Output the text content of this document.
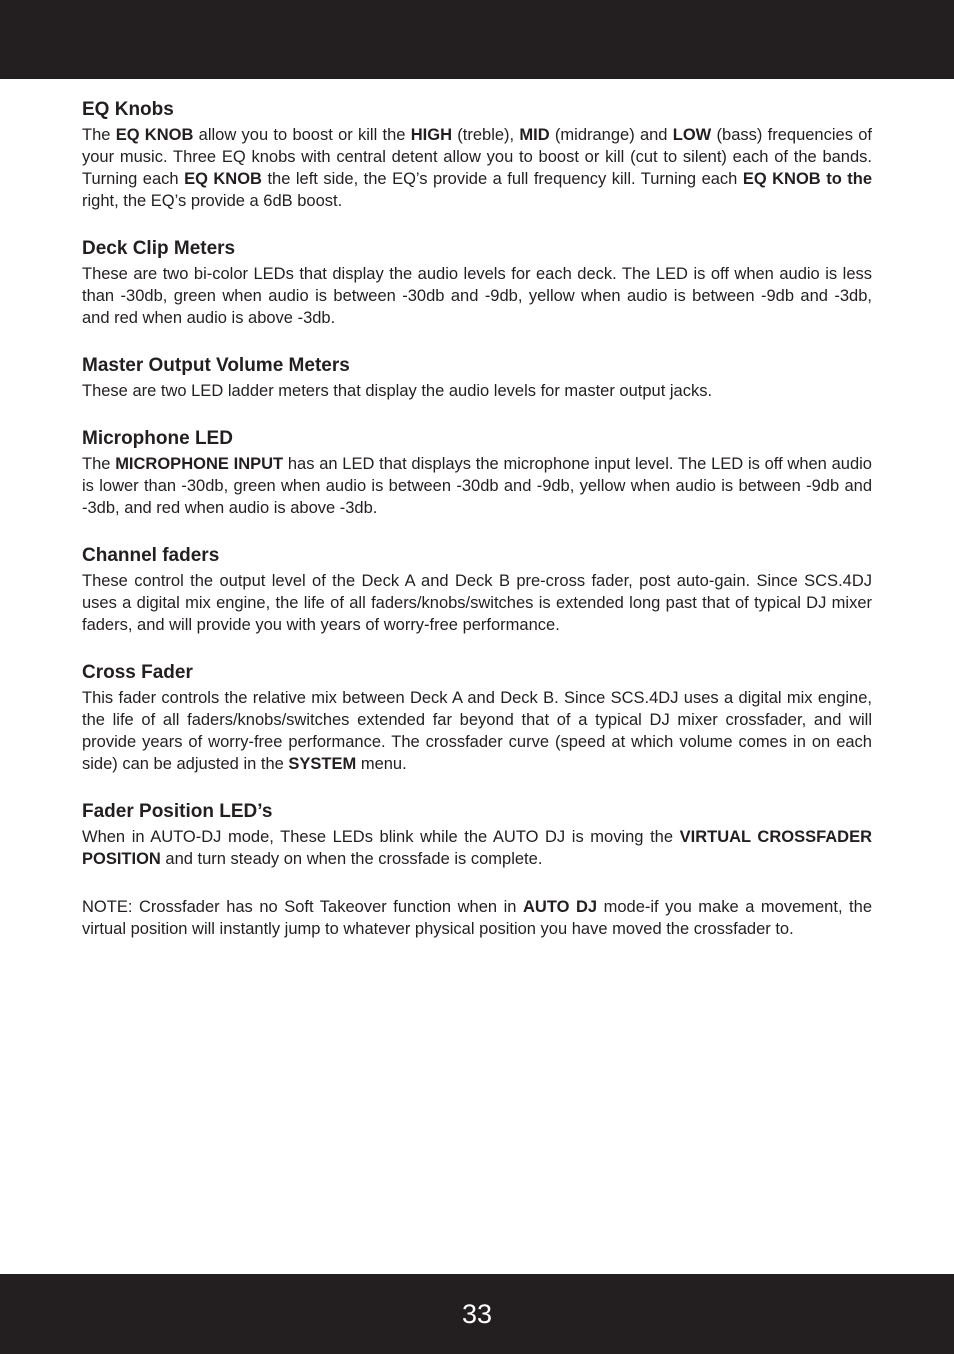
EQ Knobs

The EQ KNOB allow you to boost or kill the HIGH (treble), MID (midrange) and LOW (bass) frequencies of your music. Three EQ knobs with central detent allow you to boost or kill (cut to silent) each of the bands. Turning each EQ KNOB the left side, the EQ’s provide a full frequency kill. Turning each EQ KNOB to the right, the EQ’s provide a 6dB boost.

Deck Clip Meters

These are two bi-color LEDs that display the audio levels for each deck. The LED is off when audio is less than -30db, green when audio is between -30db and -9db, yellow when audio is between -9db and -3db, and red when audio is above -3db.

Master Output Volume Meters

These are two LED ladder meters that display the audio levels for master output jacks.

Microphone LED

The MICROPHONE INPUT has an LED that displays the microphone input level. The LED is off when audio is lower than -30db, green when audio is between -30db and -9db, yellow when audio is between -9db and -3db, and red when audio is above -3db.

Channel faders

These control the output level of the Deck A and Deck B pre-cross fader, post auto-gain. Since SCS.4DJ uses a digital mix engine, the life of all faders/knobs/switches is extended long past that of typical DJ mixer faders, and will provide you with years of worry-free performance.

Cross Fader

This fader controls the relative mix between Deck A and Deck B. Since SCS.4DJ uses a digital mix engine, the life of all faders/knobs/switches extended far beyond that of a typical DJ mixer crossfader, and will provide years of worry-free performance. The crossfader curve (speed at which volume comes in on each side) can be adjusted in the SYSTEM menu.

Fader Position LED’s

When in AUTO-DJ mode, These LEDs blink while the AUTO DJ is moving the VIRTUAL CROSSFADER POSITION and turn steady on when the crossfade is complete.

NOTE: Crossfader has no Soft Takeover function when in AUTO DJ mode-if you make a movement, the virtual position will instantly jump to whatever physical position you have moved the crossfader to.

33
